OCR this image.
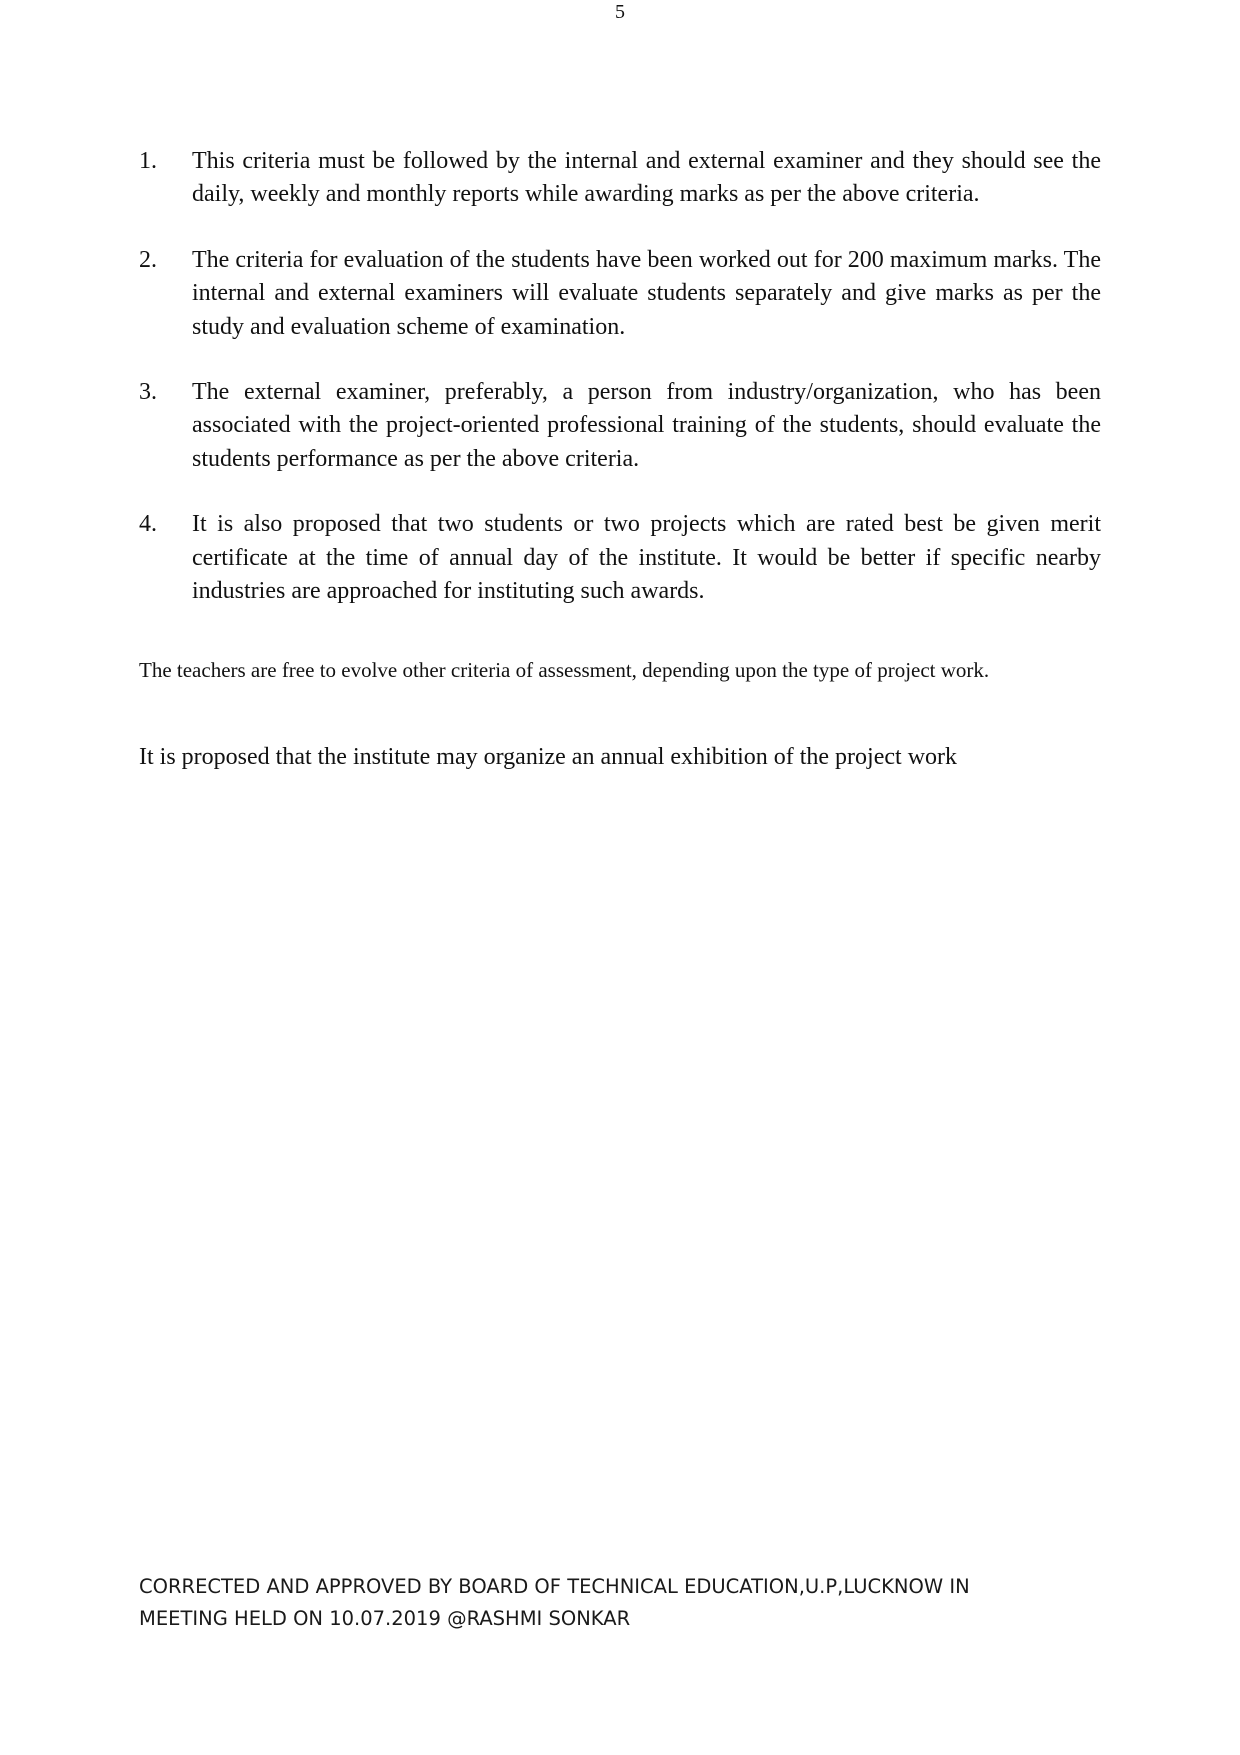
5
1.	This criteria must be followed by the internal and external examiner and they should see the daily, weekly and monthly reports while awarding marks as per the above criteria.
2.	The criteria for evaluation of the students have been worked out for 200 maximum marks. The internal and external examiners will evaluate students separately and give marks as per the study and evaluation scheme of examination.
3.	The external examiner, preferably, a person from industry/organization, who has been associated with the project-oriented professional training of the students, should evaluate the students performance as per the above criteria.
4.	It is also proposed that two students or two projects which are rated best be given merit certificate at the time of annual day of the institute. It would be better if specific nearby industries are approached for instituting such awards.

The teachers are free to evolve other criteria of assessment, depending upon the type of project work.

It is proposed that the institute may organize an annual exhibition of the project work

CORRECTED AND APPROVED BY BOARD OF TECHNICAL EDUCATION,U.P,LUCKNOW IN
MEETING HELD ON 10.07.2019 @RASHMI SONKAR
